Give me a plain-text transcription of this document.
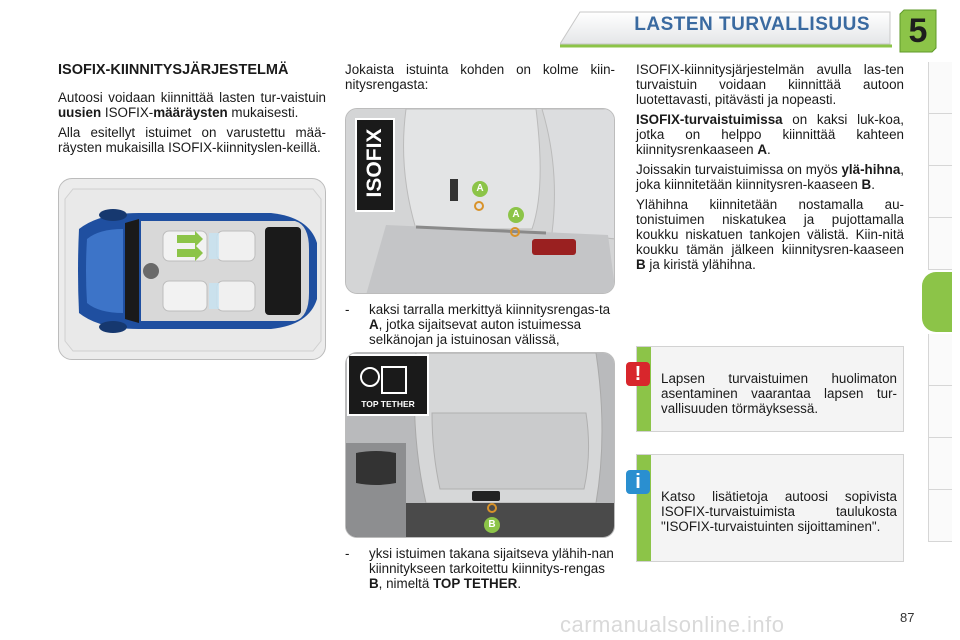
LASTEN TURVALLISUUS	5
ISOFIX-KIINNITYSJÄRJESTELMÄ

Autoosi voidaan kiinnittää lasten tur-vaistuin uusien ISOFIX-määräysten mukaisesti.

Alla esitellyt istuimet on varustettu mää-räysten mukaisilla ISOFIX-kiinnityslen-keillä.

Jokaista istuinta kohden on kolme kiin-nitysrengasta:
ISOFIX	A
A
- kaksi tarralla merkittyä kiinnitysrengas-ta A, jotka sijaitsevat auton istuimessa selkänojan ja istuinosan välissä,
TOP TETHER
B
- yksi istuimen takana sijaitseva ylähih-nan kiinnitykseen tarkoitettu kiinnitys-rengas B, nimeltä TOP TETHER.

ISOFIX-kiinnitysjärjestelmän avulla las-ten turvaistuin voidaan kiinnittää autoon luotettavasti, pitävästi ja nopeasti.

ISOFIX-turvaistuimissa on kaksi luk-koa, jotka on helppo kiinnittää kahteen kiinnitysrenkaaseen A.

Joissakin turvaistuimissa on myös ylä-hihna, joka kiinnitetään kiinnitysren-kaaseen B.

Ylähihna kiinnitetään nostamalla au-tonistuimen niskatukea ja pujottamalla koukku niskatuen tankojen välistä. Kiin-nitä koukku tämän jälkeen kiinnitysren-kaaseen B ja kiristä ylähihna.

Lapsen turvaistuimen huolimaton asentaminen vaarantaa lapsen tur-vallisuuden törmäyksessä.
!
Katso lisätietoja autoosi sopivista ISOFIX-turvaistuimista taulukosta "ISOFIX-turvaistuinten sijoittaminen".
i
carmanualsonline.info	87
